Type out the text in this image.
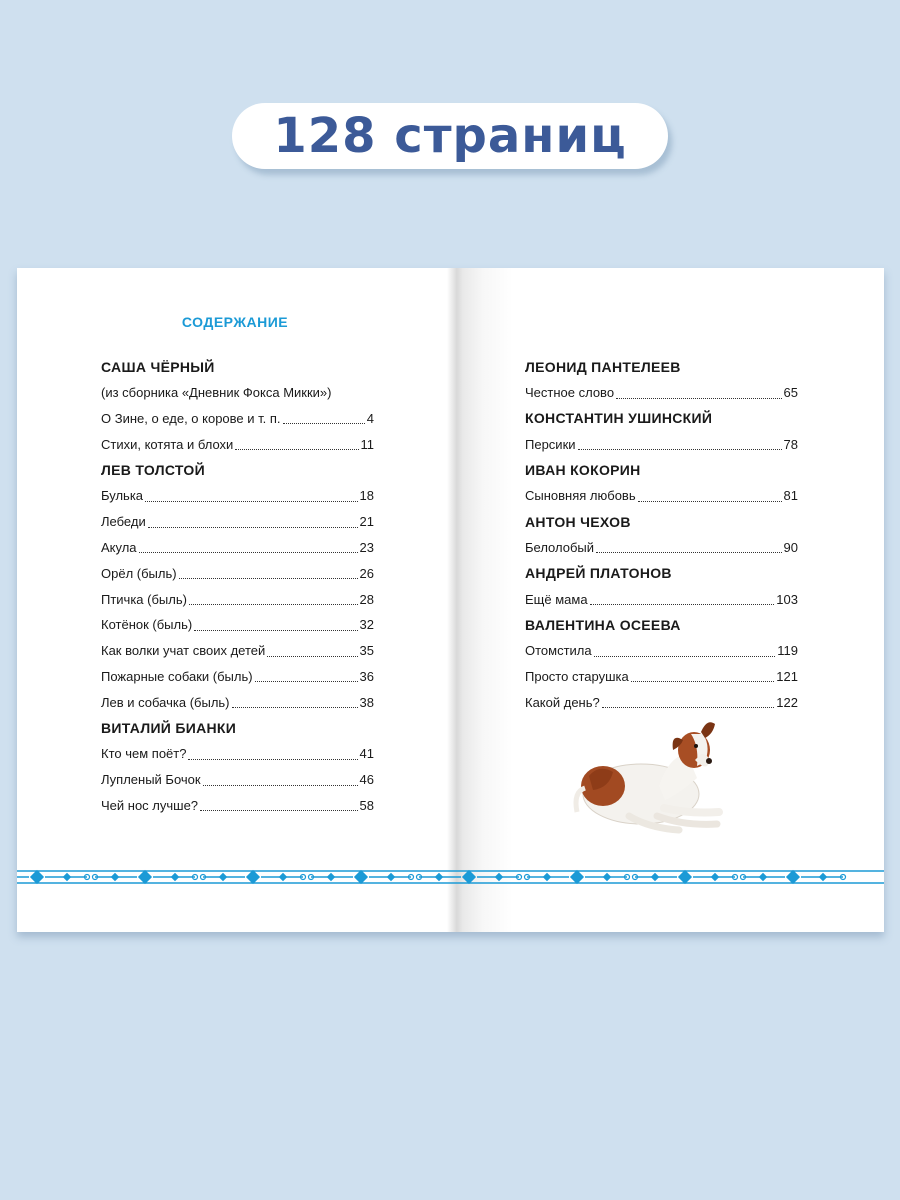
128 страниц
СОДЕРЖАНИЕ
САША ЧЁРНЫЙ
(из сборника «Дневник Фокса Микки»)
О Зине, о еде, о корове и т. п.	4
Стихи, котята и блохи	11
ЛЕВ ТОЛСТОЙ
Булька	18
Лебеди	21
Акула	23
Орёл (быль)	26
Птичка (быль)	28
Котёнок (быль)	32
Как волки учат своих детей	35
Пожарные собаки (быль)	36
Лев и собачка (быль)	38
ВИТАЛИЙ БИАНКИ
Кто чем поёт?	41
Лупленый Бочок	46
Чей нос лучше?	58
ЛЕОНИД ПАНТЕЛЕЕВ
Честное слово	65
КОНСТАНТИН УШИНСКИЙ
Персики	78
ИВАН КОКОРИН
Сыновняя любовь	81
АНТОН ЧЕХОВ
Белолобый	90
АНДРЕЙ ПЛАТОНОВ
Ещё мама	103
ВАЛЕНТИНА ОСЕЕВА
Отомстила	119
Просто старушка	121
Какой день?	122
